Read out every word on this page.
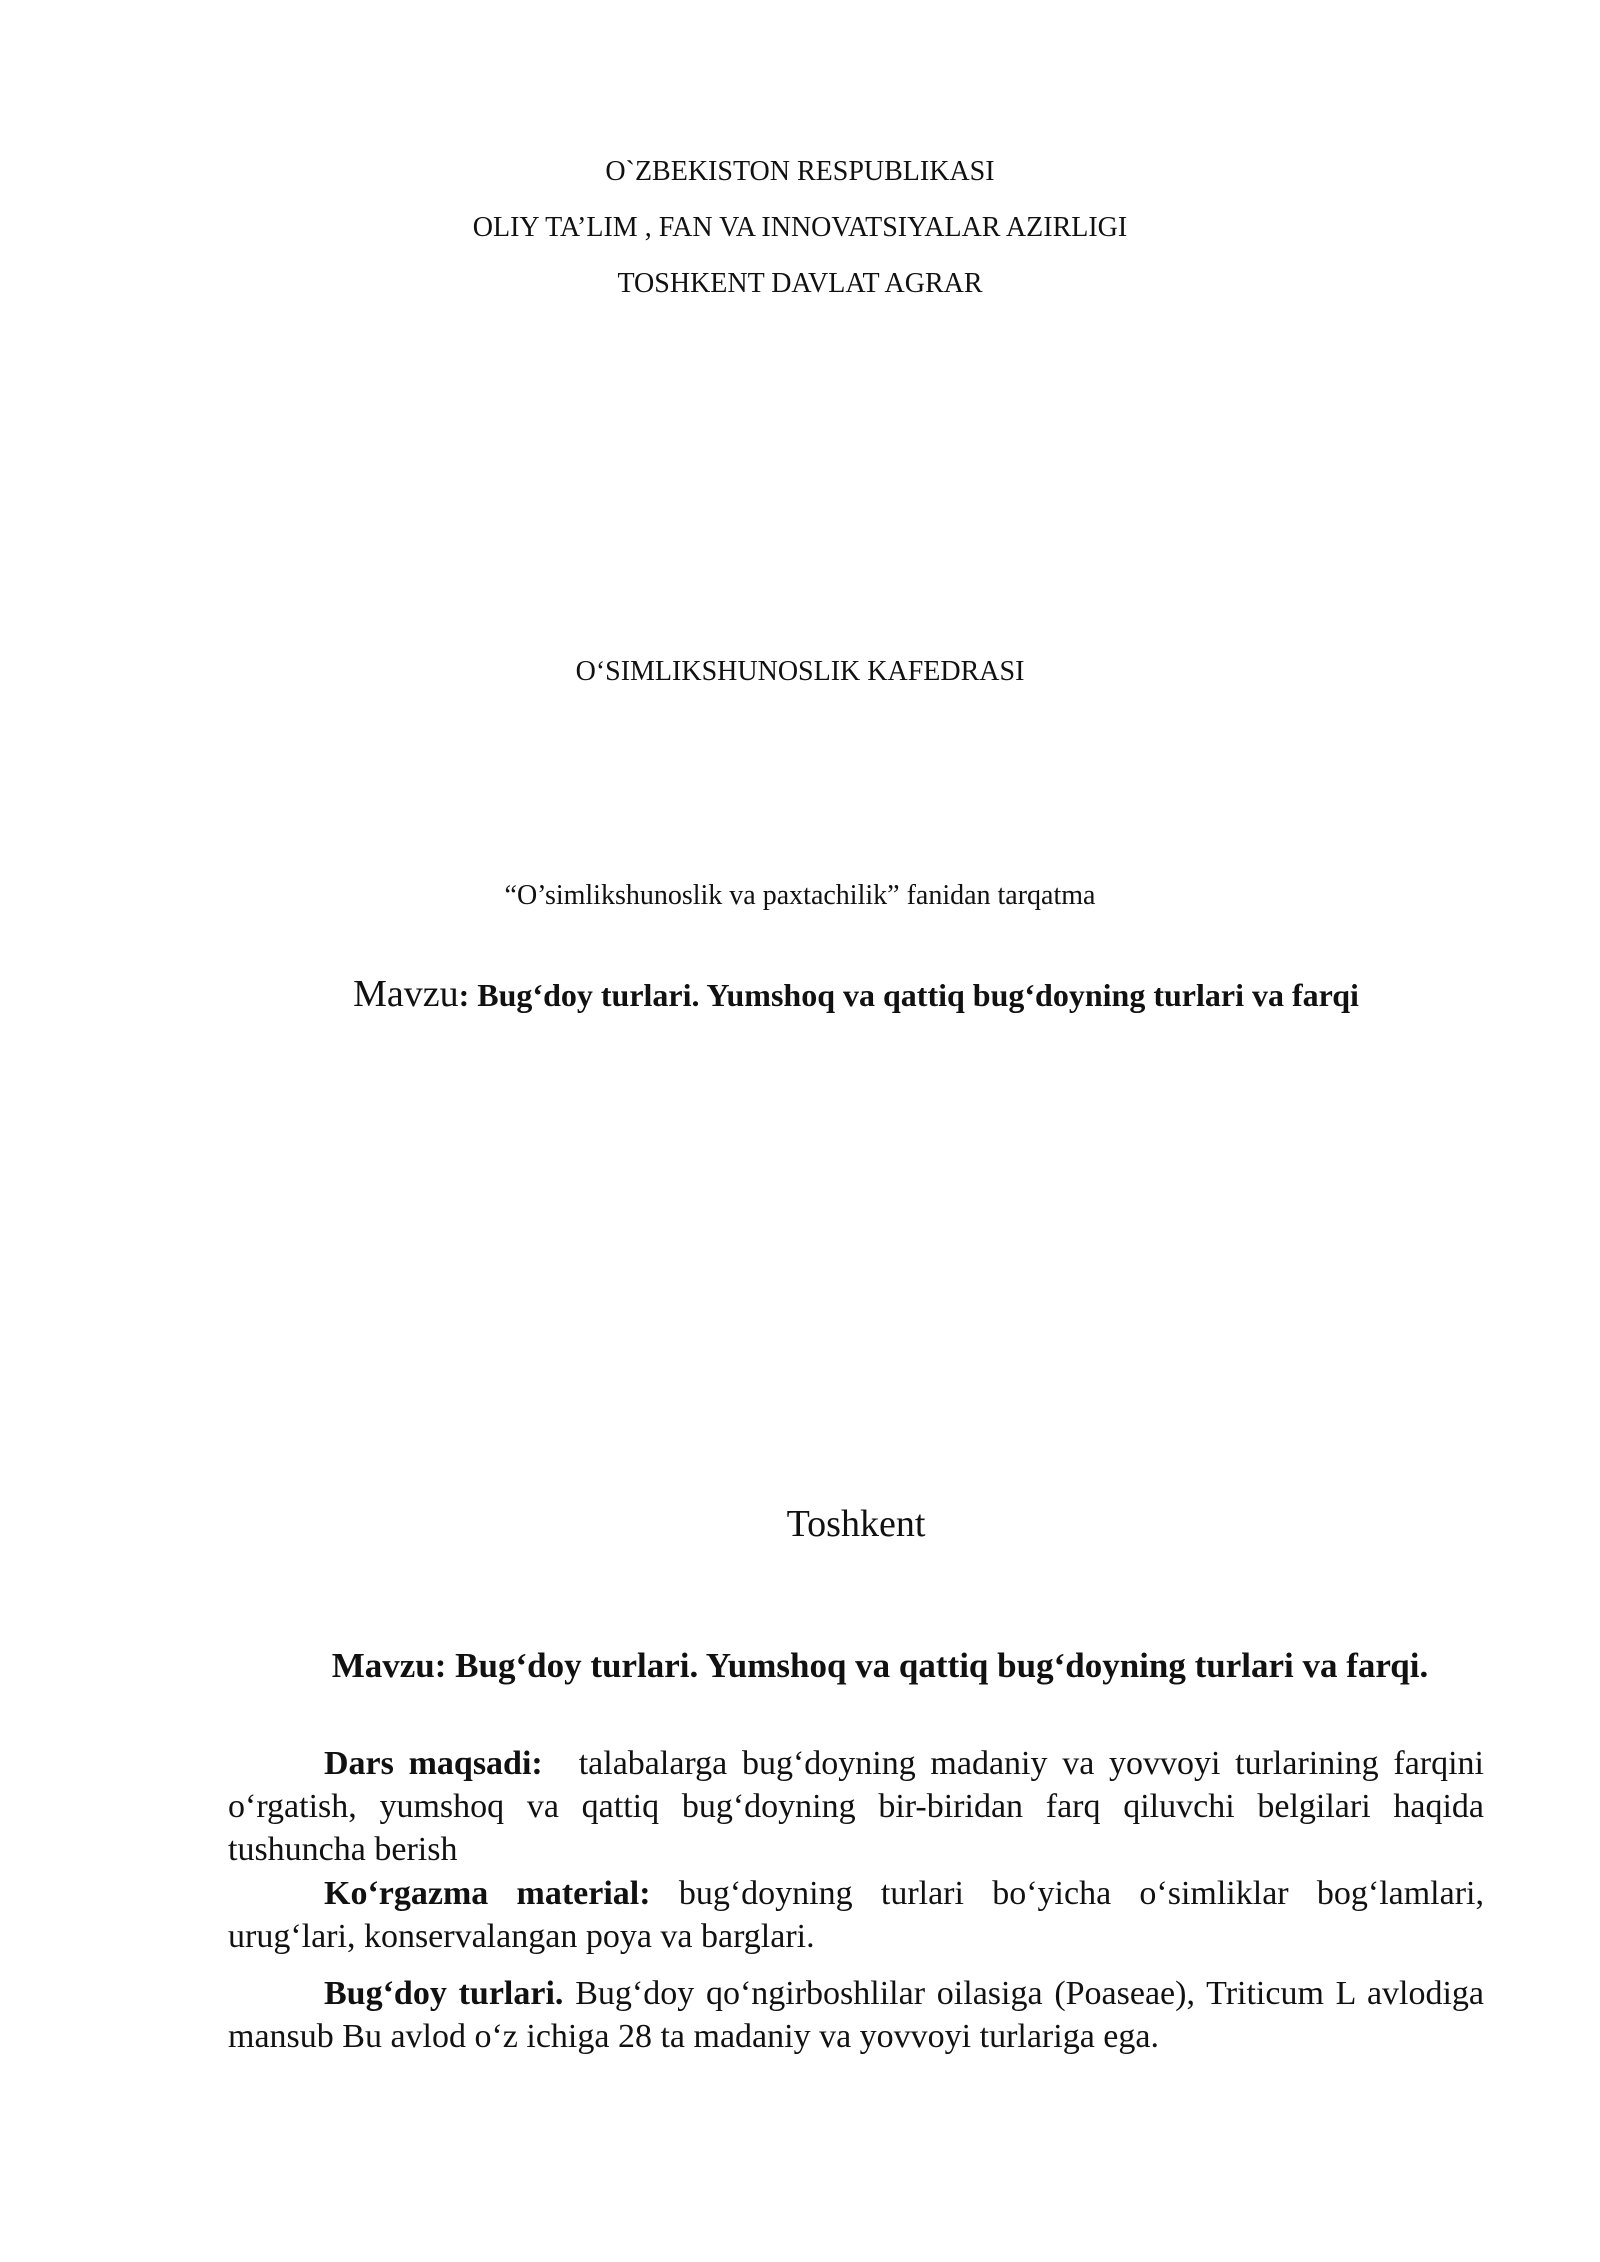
O`ZBEKISTON RESPUBLIKASI
OLIY TA’LIM , FAN VA INNOVATSIYALAR AZIRLIGI
TOSHKENT DAVLAT AGRAR
O‘SIMLIKSHUNOSLIK KAFEDRASI
“O’simlikshunoslik va paxtachilik” fanidan tarqatma
Mavzu: Bug‘doy turlari. Yumshoq va qattiq bug‘doyning turlari va farqi
Toshkent
Mavzu: Bug‘doy turlari. Yumshoq va qattiq bug‘doyning turlari va farqi.

Dars maqsadi: talabalarga bug‘doyning madaniy va yovvoyi turlarining farqini o‘rgatish, yumshoq va qattiq bug‘doyning bir-biridan farq qiluvchi belgilari haqida tushuncha berish

Ko‘rgazma material: bug‘doyning turlari bo‘yicha o‘simliklar bog‘lamlari, urug‘lari, konservalangan poya va barglari.

Bug‘doy turlari. Bug‘doy qo‘ngirboshlilar oilasiga (Poaseae), Triticum L avlodiga mansub Bu avlod o‘z ichiga 28 ta madaniy va yovvoyi turlariga ega.
